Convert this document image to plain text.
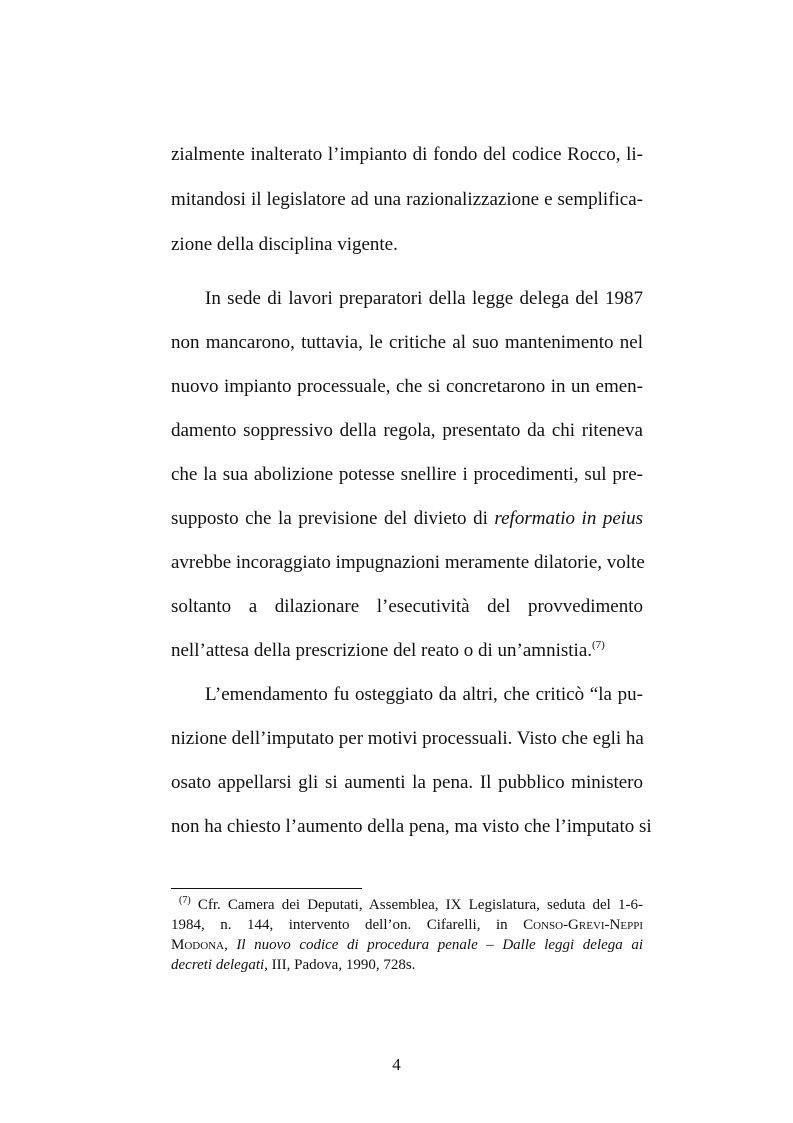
zialmente inalterato l’impianto di fondo del codice Rocco, li-
mitandosi il legislatore ad una razionalizzazione e semplifica-
zione della disciplina vigente.
In sede di lavori preparatori della legge delega del 1987
non mancarono, tuttavia, le critiche al suo mantenimento nel
nuovo impianto processuale, che si concretarono in un emen-
damento soppressivo della regola, presentato da chi riteneva
che la sua abolizione potesse snellire i procedimenti, sul pre-
supposto che la previsione del divieto di reformatio in peius
avrebbe incoraggiato impugnazioni meramente dilatorie, volte
soltanto a dilazionare l’esecutività del provvedimento
nell’attesa della prescrizione del reato o di un’amnistia.$^{(7)}$
L’emendamento fu osteggiato da altri, che criticò “la pu-
nizione dell’imputato per motivi processuali. Visto che egli ha
osato appellarsi gli si aumenti la pena. Il pubblico ministero
non ha chiesto l’aumento della pena, ma visto che l’imputato si
$^{(7)}$ Cfr. Camera dei Deputati, Assemblea, IX Legislatura, seduta del 1-6-
1984, n. 144, intervento dell’on. Cifarelli, in Conso-Grevi-Neppi
Modona, Il nuovo codice di procedura penale – Dalle leggi delega ai
decreti delegati, III, Padova, 1990, 728s.
4
